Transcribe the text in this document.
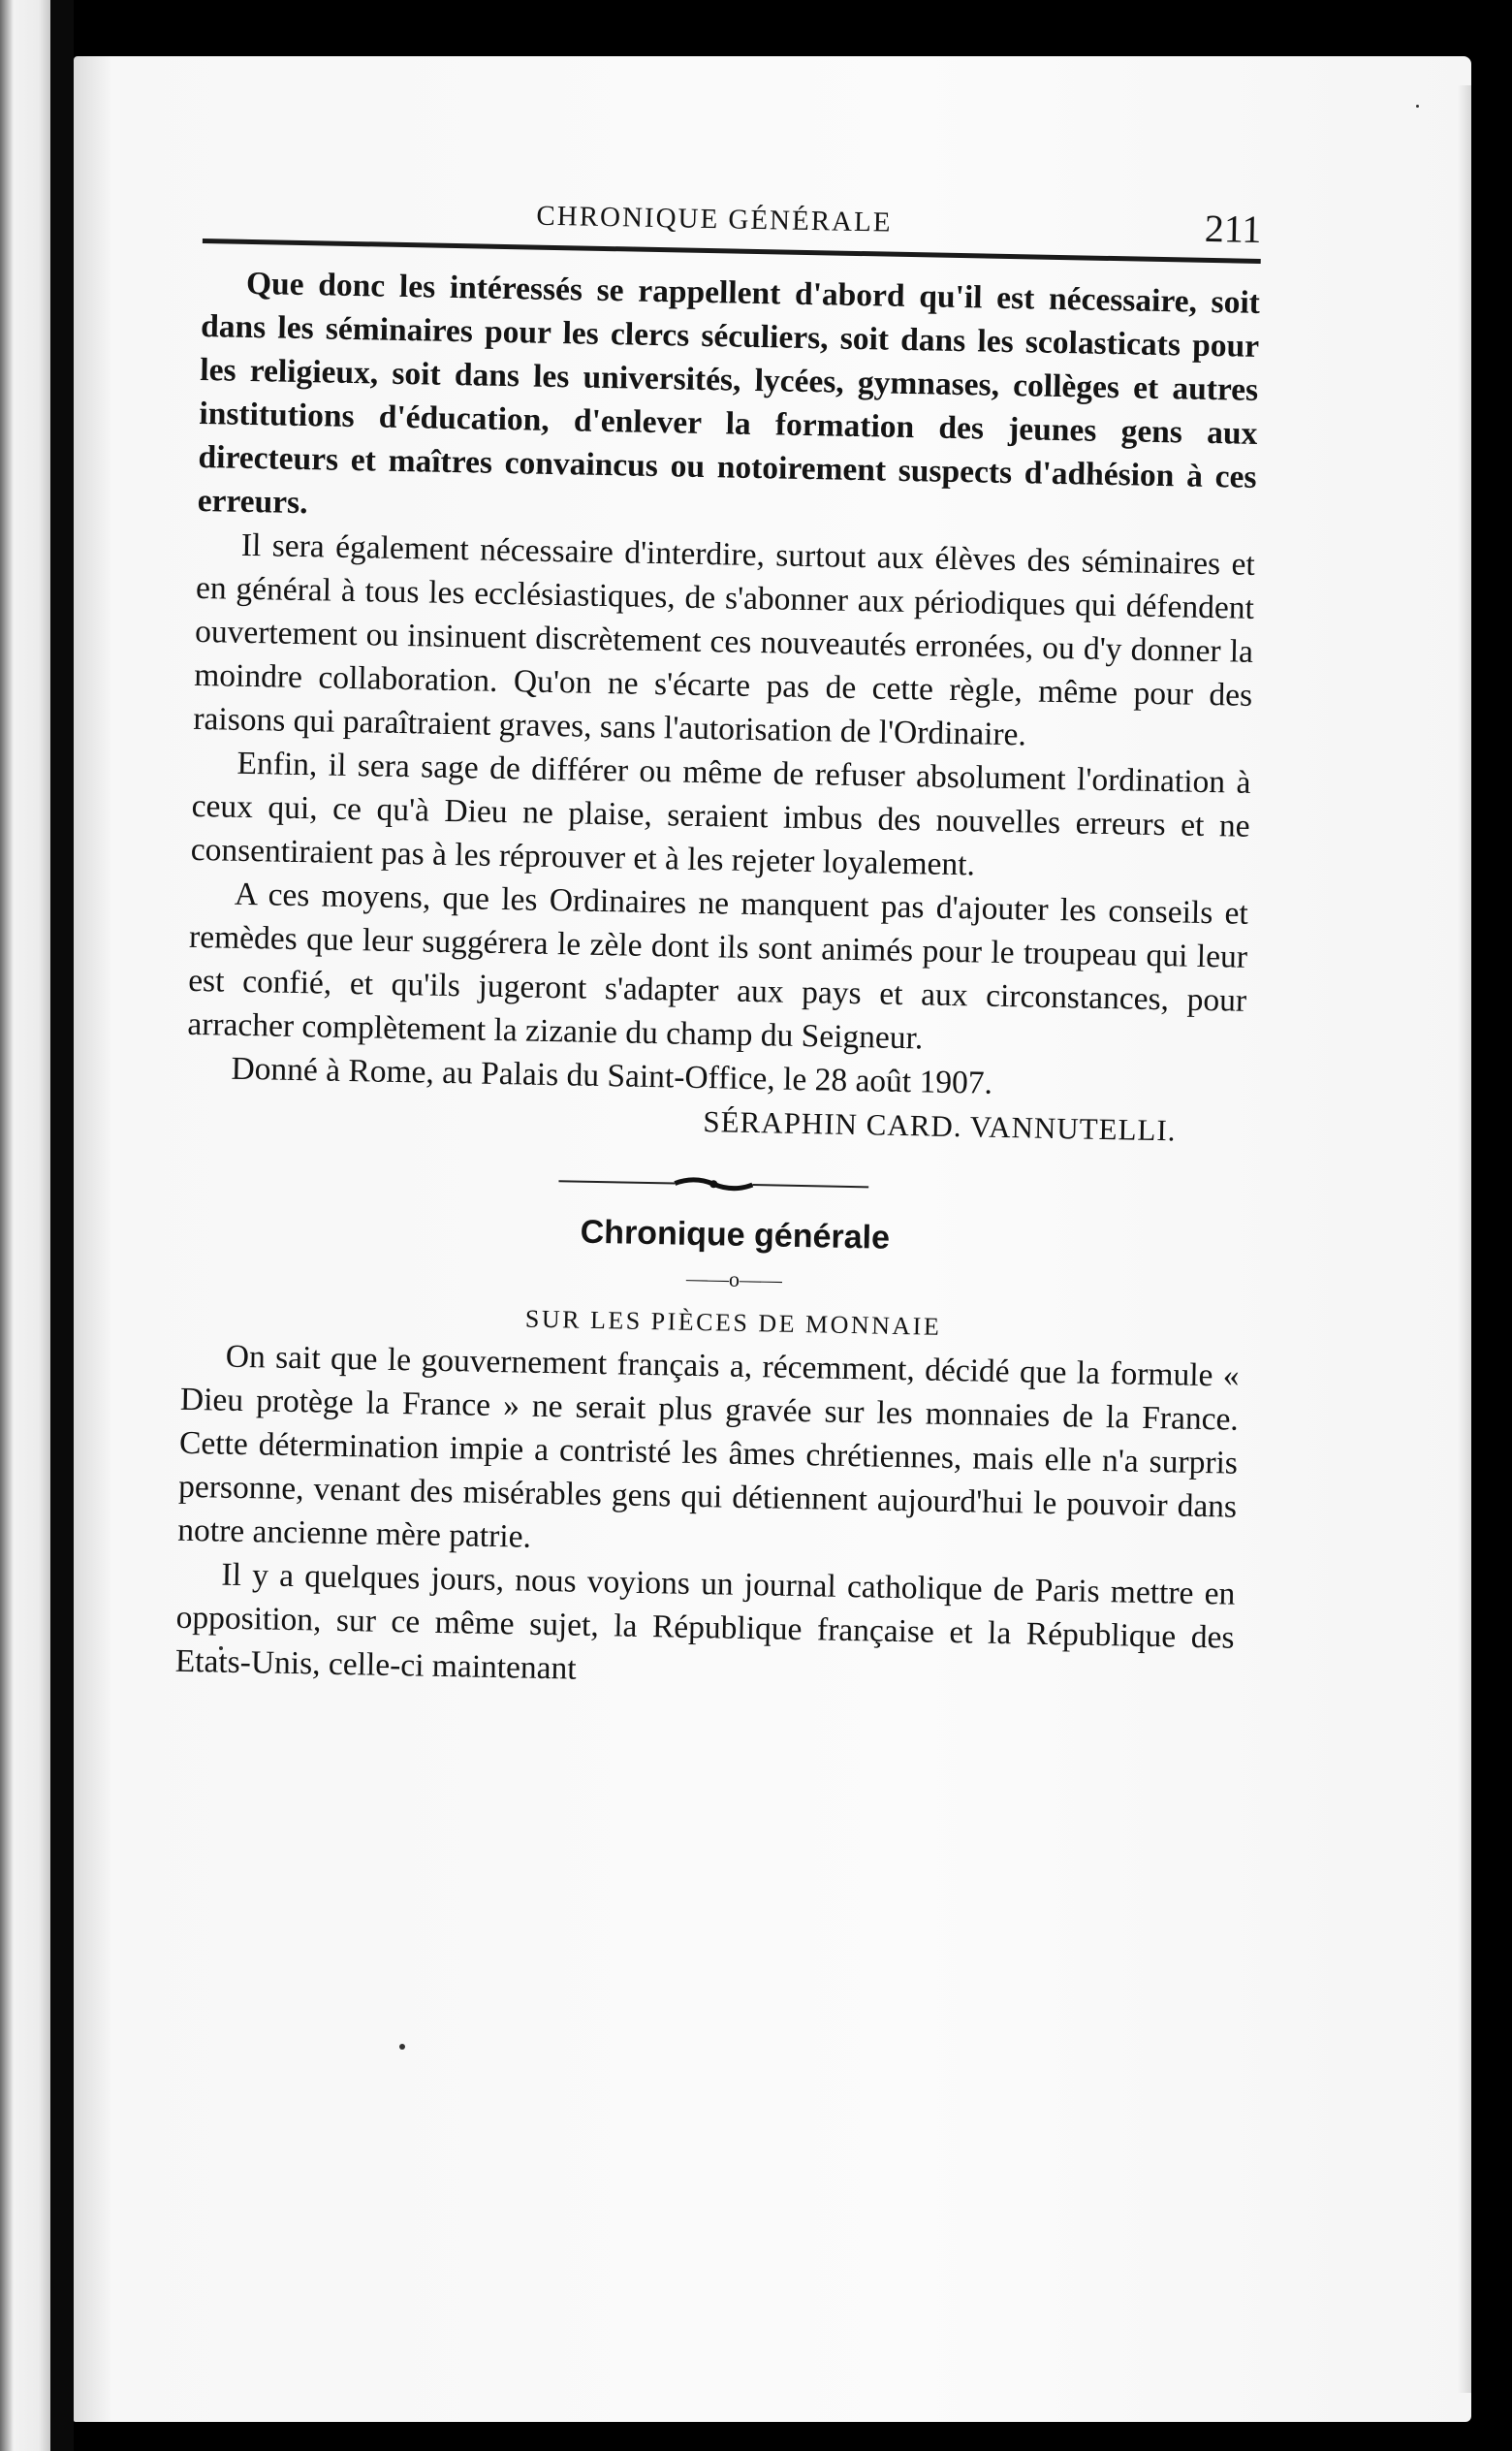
CHRONIQUE GÉNÉRALE	211

Que donc les intéressés se rappellent d'abord qu'il est nécessaire, soit dans les séminaires pour les clercs séculiers, soit dans les scolasticats pour les religieux, soit dans les universités, lycées, gymnases, collèges et autres institutions d'éducation, d'enlever la formation des jeunes gens aux directeurs et maîtres convaincus ou notoirement suspects d'adhésion à ces erreurs.

Il sera également nécessaire d'interdire, surtout aux élèves des séminaires et en général à tous les ecclésiastiques, de s'abonner aux périodiques qui défendent ouvertement ou insinuent discrètement ces nouveautés erronées, ou d'y donner la moindre collaboration. Qu'on ne s'écarte pas de cette règle, même pour des raisons qui paraîtraient graves, sans l'autorisation de l'Ordinaire.

Enfin, il sera sage de différer ou même de refuser absolument l'ordination à ceux qui, ce qu'à Dieu ne plaise, seraient imbus des nouvelles erreurs et ne consentiraient pas à les réprouver et à les rejeter loyalement.

A ces moyens, que les Ordinaires ne manquent pas d'ajouter les conseils et remèdes que leur suggérera le zèle dont ils sont animés pour le troupeau qui leur est confié, et qu'ils jugeront s'adapter aux pays et aux circonstances, pour arracher complètement la zizanie du champ du Seigneur.

Donné à Rome, au Palais du Saint-Office, le 28 août 1907.

SÉRAPHIN CARD. VANNUTELLI.

Chronique générale

——o——

SUR LES PIÈCES DE MONNAIE

On sait que le gouvernement français a, récemment, décidé que la formule « Dieu protège la France » ne serait plus gravée sur les monnaies de la France. Cette détermination impie a contristé les âmes chrétiennes, mais elle n'a surpris personne, venant des misérables gens qui détiennent aujourd'hui le pouvoir dans notre ancienne mère patrie.

Il y a quelques jours, nous voyions un journal catholique de Paris mettre en opposition, sur ce même sujet, la République française et la République des Etats-Unis, celle-ci maintenant
